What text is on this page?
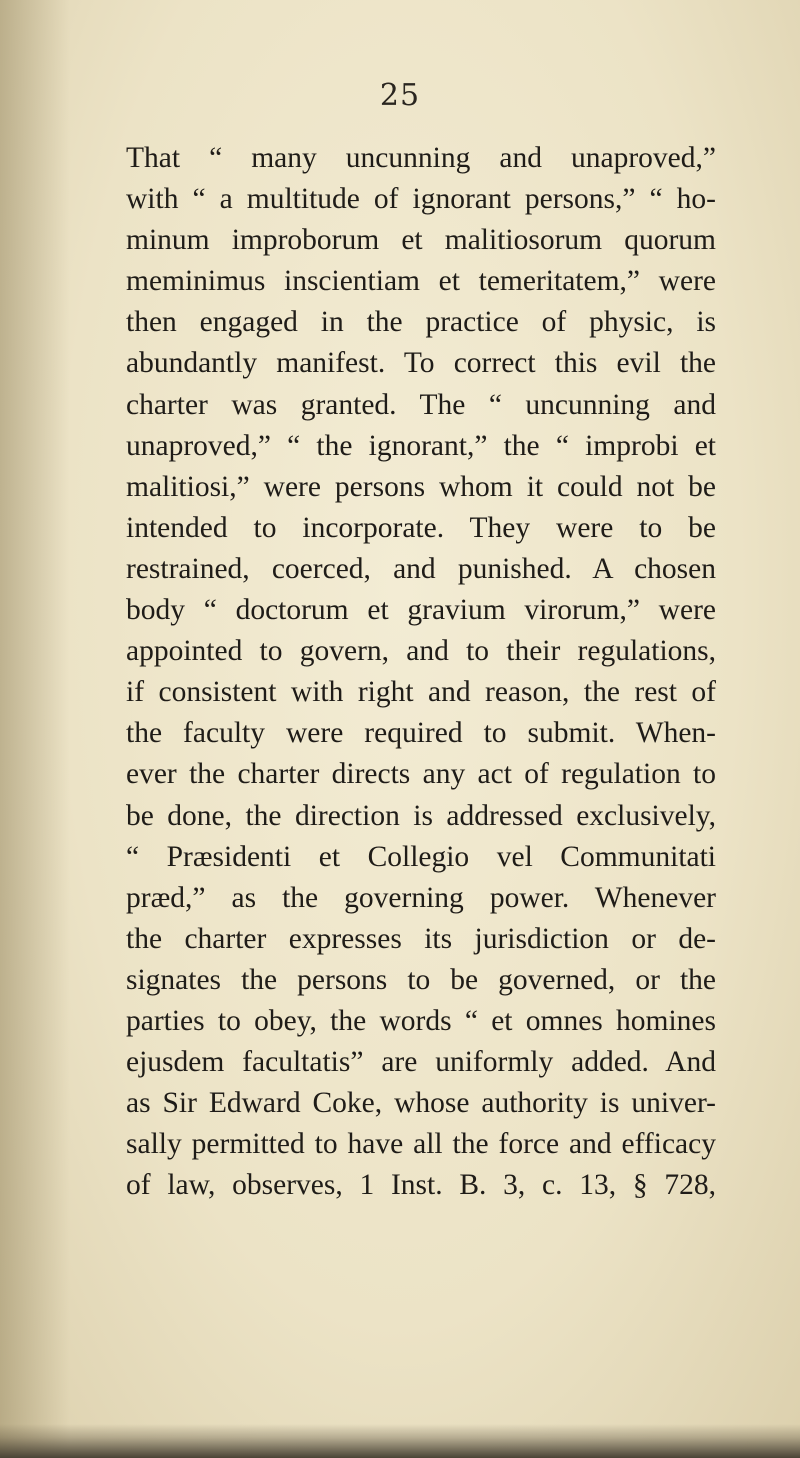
25
That “ many uncunning and unaproved,”
with “ a multitude of ignorant persons,” “ ho-
minum improborum et malitiosorum quorum
meminimus inscientiam et temeritatem,” were
then engaged in the practice of physic, is
abundantly manifest. To correct this evil the
charter was granted. The “ uncunning and
unaproved,” “ the ignorant,” the “ improbi et
malitiosi,” were persons whom it could not be
intended to incorporate. They were to be
restrained, coerced, and punished. A chosen
body “ doctorum et gravium virorum,” were
appointed to govern, and to their regulations,
if consistent with right and reason, the rest of
the faculty were required to submit. When-
ever the charter directs any act of regulation to
be done, the direction is addressed exclusively,
“ Præsidenti et Collegio vel Communitati
præd,” as the governing power. Whenever
the charter expresses its jurisdiction or de-
signates the persons to be governed, or the
parties to obey, the words “ et omnes homines
ejusdem facultatis” are uniformly added. And
as Sir Edward Coke, whose authority is univer-
sally permitted to have all the force and efficacy
of law, observes, 1 Inst. B. 3, c. 13, § 728,
